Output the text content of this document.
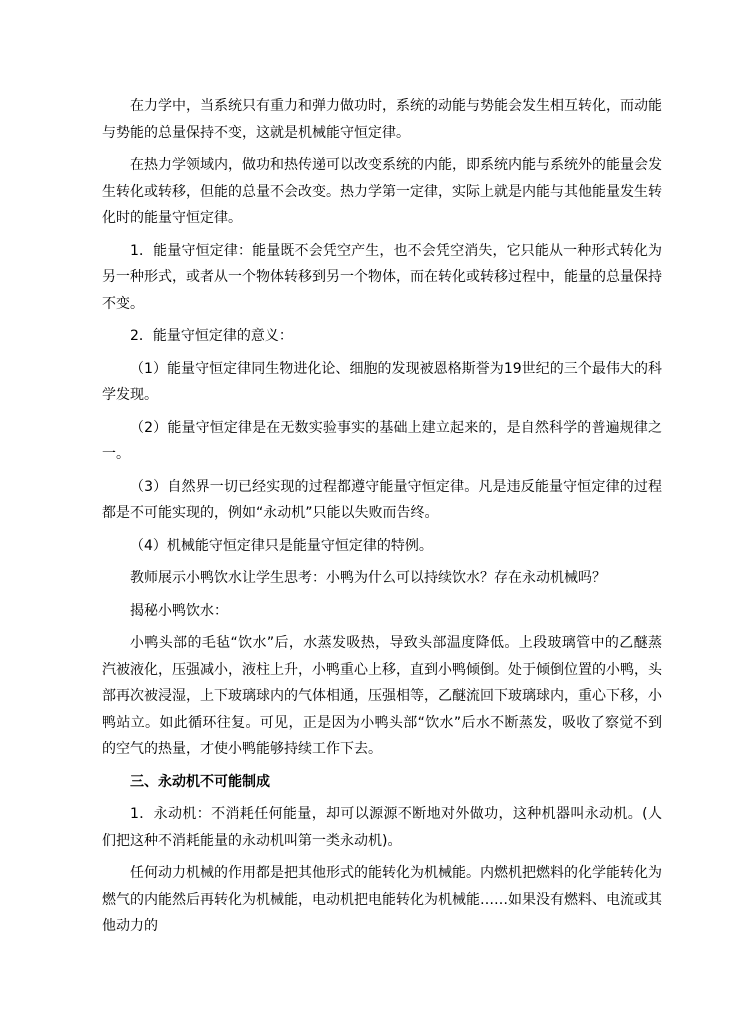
在力学中，当系统只有重力和弹力做功时，系统的动能与势能会发生相互转化，而动能与势能的总量保持不变，这就是机械能守恒定律。

在热力学领域内，做功和热传递可以改变系统的内能，即系统内能与系统外的能量会发生转化或转移，但能的总量不会改变。热力学第一定律，实际上就是内能与其他能量发生转化时的能量守恒定律。

1．能量守恒定律：能量既不会凭空产生，也不会凭空消失，它只能从一种形式转化为另一种形式，或者从一个物体转移到另一个物体，而在转化或转移过程中，能量的总量保持不变。

2．能量守恒定律的意义：

（1）能量守恒定律同生物进化论、细胞的发现被恩格斯誉为19世纪的三个最伟大的科学发现。

（2）能量守恒定律是在无数实验事实的基础上建立起来的，是自然科学的普遍规律之一。

（3）自然界一切已经实现的过程都遵守能量守恒定律。凡是违反能量守恒定律的过程都是不可能实现的，例如“永动机”只能以失败而告终。

（4）机械能守恒定律只是能量守恒定律的特例。

教师展示小鸭饮水让学生思考：小鸭为什么可以持续饮水？存在永动机械吗？

揭秘小鸭饮水：

小鸭头部的毛毡“饮水”后，水蒸发吸热，导致头部温度降低。上段玻璃管中的乙醚蒸汽被液化，压强减小，液柱上升，小鸭重心上移，直到小鸭倾倒。处于倾倒位置的小鸭，头部再次被浸湿，上下玻璃球内的气体相通，压强相等，乙醚流回下玻璃球内，重心下移，小鸭站立。如此循环往复。可见，正是因为小鸭头部“饮水”后水不断蒸发，吸收了察觉不到的空气的热量，才使小鸭能够持续工作下去。

三、永动机不可能制成

1．永动机：不消耗任何能量，却可以源源不断地对外做功，这种机器叫永动机。(人们把这种不消耗能量的永动机叫第一类永动机)。

任何动力机械的作用都是把其他形式的能转化为机械能。内燃机把燃料的化学能转化为燃气的内能然后再转化为机械能，电动机把电能转化为机械能……如果没有燃料、电流或其他动力的
